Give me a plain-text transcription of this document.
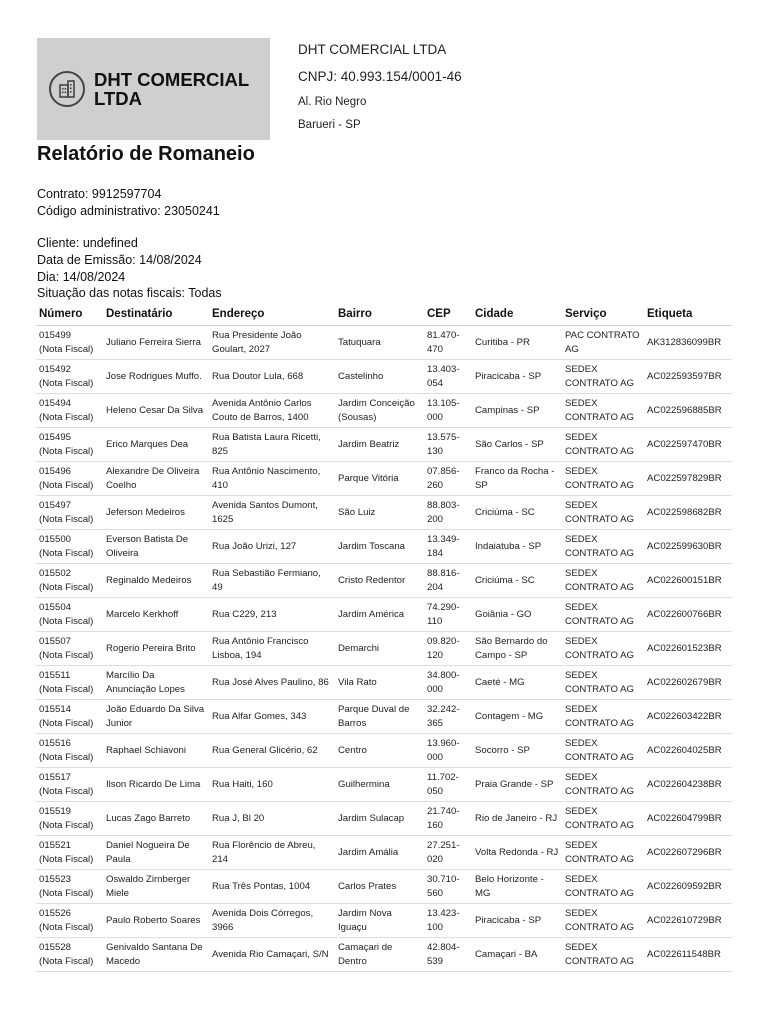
DHT COMERCIAL
LTDA
DHT COMERCIAL LTDA
CNPJ: 40.993.154/0001-46
Al. Rio Negro
Barueri - SP
Relatório de Romaneio
Contrato: 9912597704
Código administrativo: 23050241
Cliente: undefined
Data de Emissão: 14/08/2024
Dia: 14/08/2024
Situação das notas fiscais: Todas
Número	Destinatário	Endereço	Bairro	CEP	Cidade	Serviço	Etiqueta

015499
(Nota Fiscal)	Juliano Ferreira Sierra	Rua Presidente João Goulart, 2027	Tatuquara	81.470-470	Curitiba - PR	PAC CONTRATO AG	AK312836099BR

015492
(Nota Fiscal)	Jose Rodrigues Muffo.	Rua Doutor Lula, 668	Castelinho	13.403-054	Piracicaba - SP	SEDEX CONTRATO AG	AC022593597BR

015494
(Nota Fiscal)	Heleno Cesar Da Silva	Avenida Antônio Carlos Couto de Barros, 1400	Jardim Conceição (Sousas)	13.105-000	Campinas - SP	SEDEX CONTRATO AG	AC022596885BR

015495
(Nota Fiscal)	Erico Marques Dea	Rua Batista Laura Ricetti, 825	Jardim Beatriz	13.575-130	São Carlos - SP	SEDEX CONTRATO AG	AC022597470BR

015496
(Nota Fiscal)	Alexandre De Oliveira Coelho	Rua Antônio Nascimento, 410	Parque Vitória	07.856-260	Franco da Rocha - SP	SEDEX CONTRATO AG	AC022597829BR

015497
(Nota Fiscal)	Jeferson Medeiros	Avenida Santos Dumont, 1625	São Luiz	88.803-200	Criciúma - SC	SEDEX CONTRATO AG	AC022598682BR

015500
(Nota Fiscal)	Everson Batista De Oliveira	Rua João Urizi, 127	Jardim Toscana	13.349-184	Indaiatuba - SP	SEDEX CONTRATO AG	AC022599630BR

015502
(Nota Fiscal)	Reginaldo Medeiros	Rua Sebastião Fermiano, 49	Cristo Redentor	88.816-204	Criciúma - SC	SEDEX CONTRATO AG	AC022600151BR

015504
(Nota Fiscal)	Marcelo Kerkhoff	Rua C229, 213	Jardim América	74.290-110	Goiânia - GO	SEDEX CONTRATO AG	AC022600766BR

015507
(Nota Fiscal)	Rogerio Pereira Brito	Rua Antônio Francisco Lisboa, 194	Demarchi	09.820-120	São Bernardo do Campo - SP	SEDEX CONTRATO AG	AC022601523BR

015511
(Nota Fiscal)	Marcílio Da Anunciação Lopes	Rua José Alves Paulino, 86	Vila Rato	34.800-000	Caeté - MG	SEDEX CONTRATO AG	AC022602679BR

015514
(Nota Fiscal)	João Eduardo Da Silva Junior	Rua Alfar Gomes, 343	Parque Duval de Barros	32.242-365	Contagem - MG	SEDEX CONTRATO AG	AC022603422BR

015516
(Nota Fiscal)	Raphael Schiavoni	Rua General Glicério, 62	Centro	13.960-000	Socorro - SP	SEDEX CONTRATO AG	AC022604025BR

015517
(Nota Fiscal)	Ilson Ricardo De Lima	Rua Haiti, 160	Guilhermina	11.702-050	Praia Grande - SP	SEDEX CONTRATO AG	AC022604238BR

015519
(Nota Fiscal)	Lucas Zago Barreto	Rua J, Bl 20	Jardim Sulacap	21.740-160	Rio de Janeiro - RJ	SEDEX CONTRATO AG	AC022604799BR

015521
(Nota Fiscal)	Daniel Nogueira De Paula	Rua Florêncio de Abreu, 214	Jardim Amália	27.251-020	Volta Redonda - RJ	SEDEX CONTRATO AG	AC022607296BR

015523
(Nota Fiscal)	Oswaldo Zirnberger Miele	Rua Três Pontas, 1004	Carlos Prates	30.710-560	Belo Horizonte - MG	SEDEX CONTRATO AG	AC022609592BR

015526
(Nota Fiscal)	Paulo Roberto Soares	Avenida Dois Córregos, 3966	Jardim Nova Iguaçu	13.423-100	Piracicaba - SP	SEDEX CONTRATO AG	AC022610729BR

015528
(Nota Fiscal)	Genivaldo Santana De Macedo	Avenida Rio Camaçari, S/N	Camaçari de Dentro	42.804-539	Camaçari - BA	SEDEX CONTRATO AG	AC022611548BR
